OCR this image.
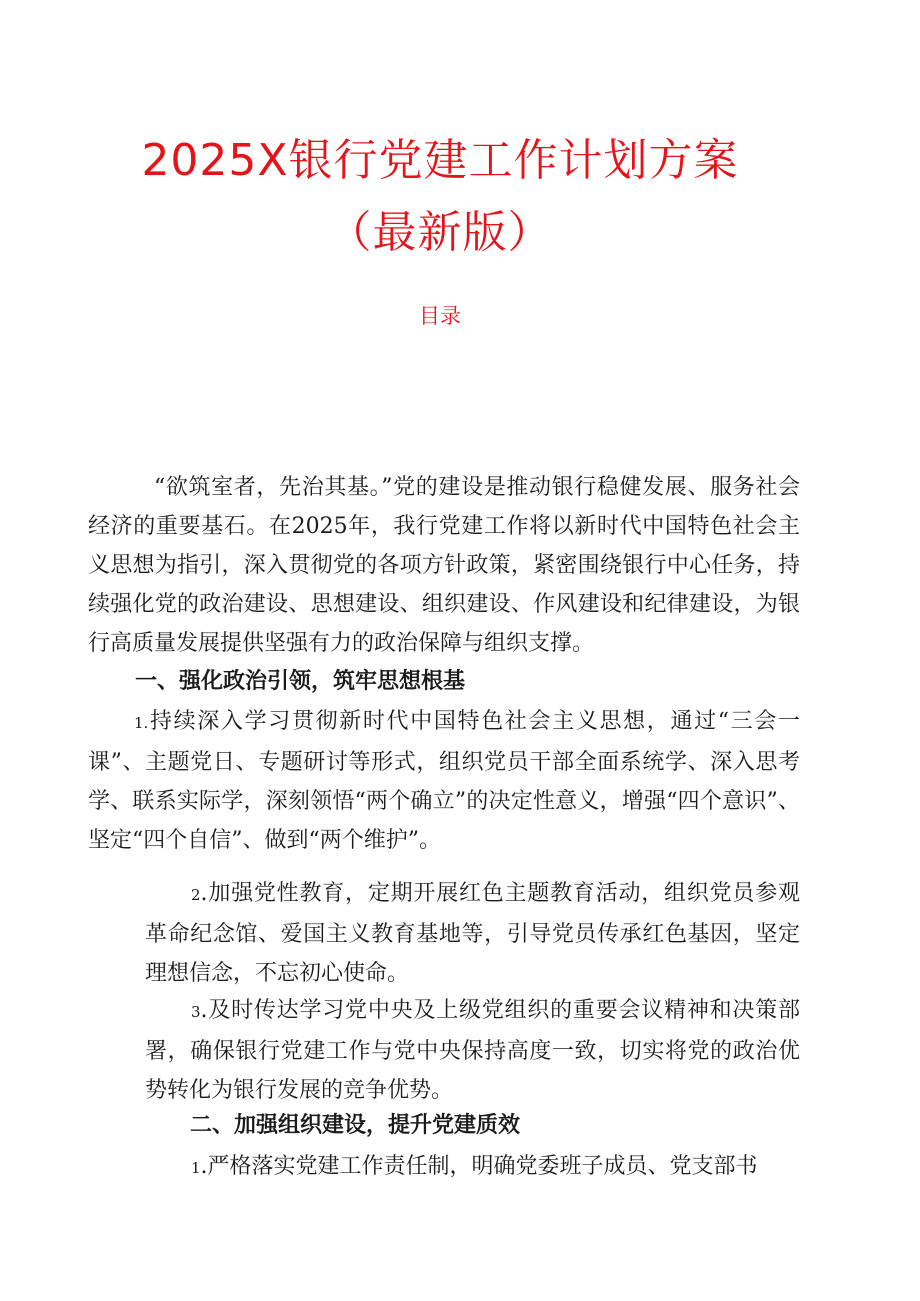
2025X银行党建工作计划方案
（最新版）
目录

“欲筑室者，先治其基。”党的建设是推动银行稳健发展、服务社会经济的重要基石。在2025年，我行党建工作将以新时代中国特色社会主义思想为指引，深入贯彻党的各项方针政策，紧密围绕银行中心任务，持续强化党的政治建设、思想建设、组织建设、作风建设和纪律建设，为银行高质量发展提供坚强有力的政治保障与组织支撑。

一、强化政治引领，筑牢思想根基

1.持续深入学习贯彻新时代中国特色社会主义思想，通过“三会一课”、主题党日、专题研讨等形式，组织党员干部全面系统学、深入思考学、联系实际学，深刻领悟“两个确立”的决定性意义，增强“四个意识”、坚定“四个自信”、做到“两个维护”。

2.加强党性教育，定期开展红色主题教育活动，组织党员参观革命纪念馆、爱国主义教育基地等，引导党员传承红色基因，坚定理想信念，不忘初心使命。

3.及时传达学习党中央及上级党组织的重要会议精神和决策部署，确保银行党建工作与党中央保持高度一致，切实将党的政治优势转化为银行发展的竞争优势。

二、加强组织建设，提升党建质效

1.严格落实党建工作责任制，明确党委班子成员、党支部书
